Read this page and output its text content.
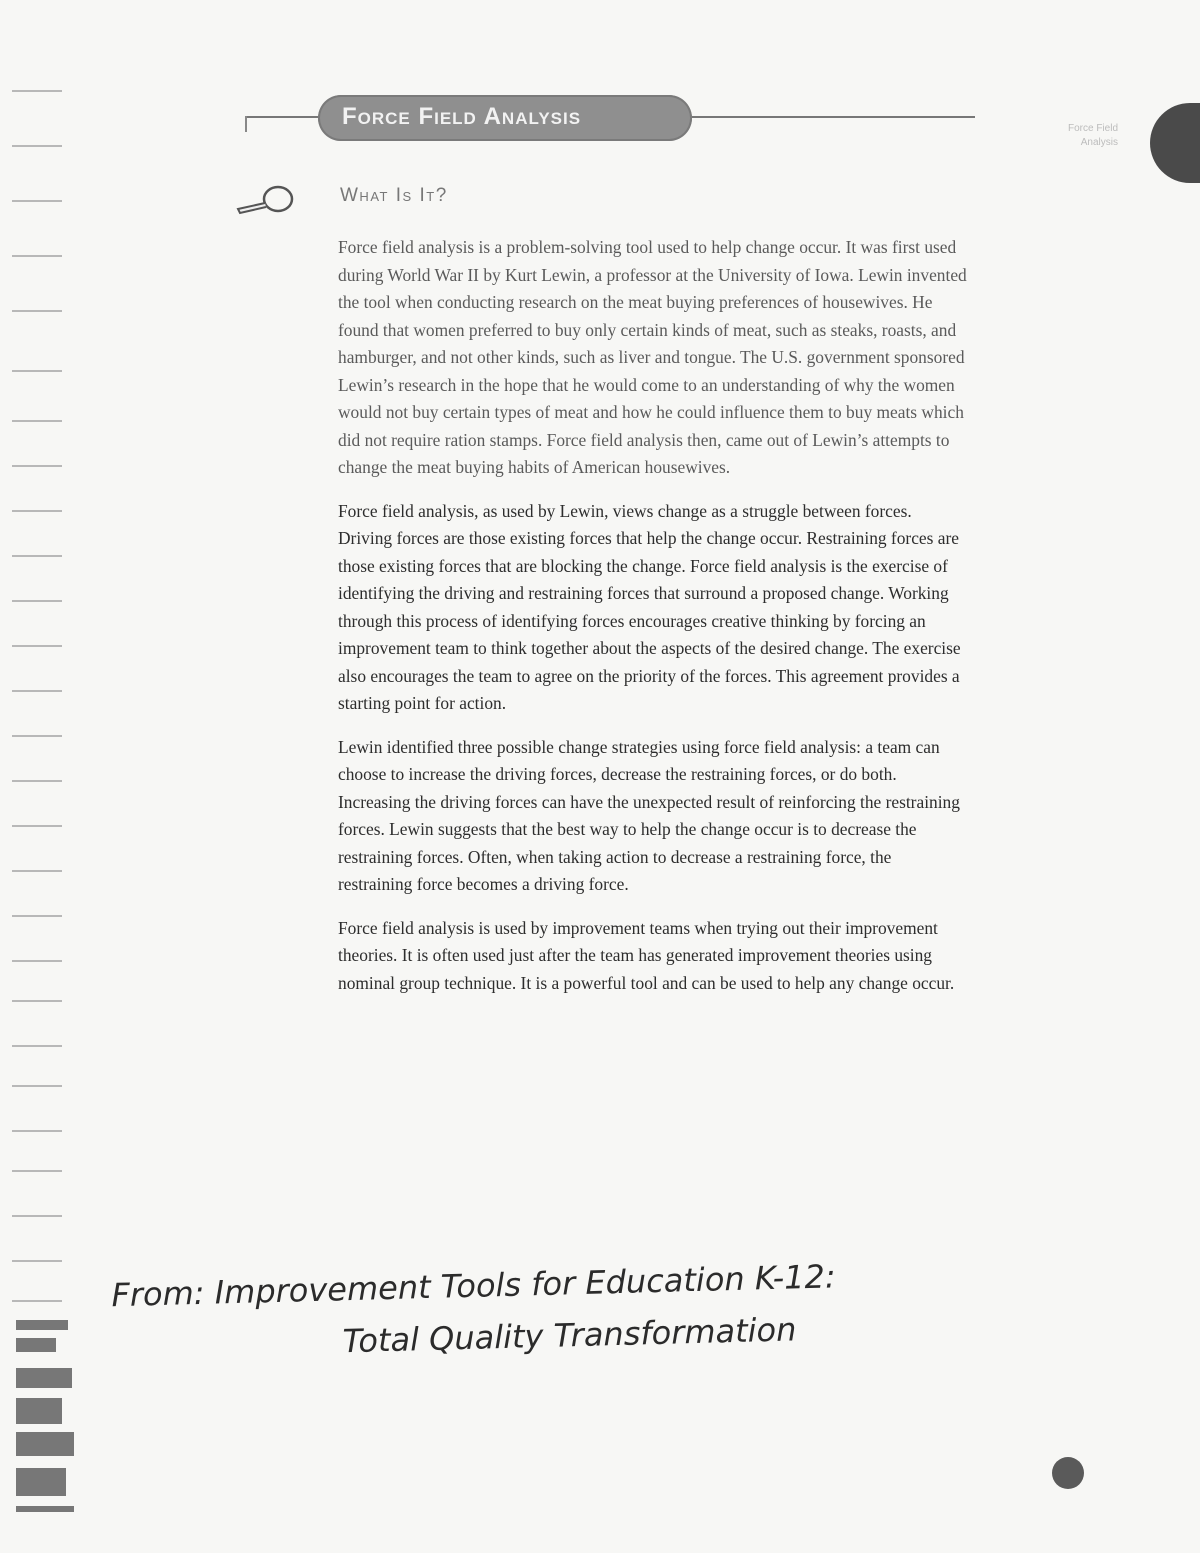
Force Field Analysis	Force Field Analysis
What Is It?

Force field analysis is a problem-solving tool used to help change occur. It was first used during World War II by Kurt Lewin, a professor at the University of Iowa. Lewin invented the tool when conducting research on the meat buying preferences of housewives. He found that women preferred to buy only certain kinds of meat, such as steaks, roasts, and hamburger, and not other kinds, such as liver and tongue. The U.S. government sponsored Lewin’s research in the hope that he would come to an understanding of why the women would not buy certain types of meat and how he could influence them to buy meats which did not require ration stamps. Force field analysis then, came out of Lewin’s attempts to change the meat buying habits of American housewives.

Force field analysis, as used by Lewin, views change as a struggle between forces. Driving forces are those existing forces that help the change occur. Restraining forces are those existing forces that are blocking the change. Force field analysis is the exercise of identifying the driving and restraining forces that surround a proposed change. Working through this process of identifying forces encourages creative thinking by forcing an improvement team to think together about the aspects of the desired change. The exercise also encourages the team to agree on the priority of the forces. This agreement provides a starting point for action.

Lewin identified three possible change strategies using force field analysis: a team can choose to increase the driving forces, decrease the restraining forces, or do both. Increasing the driving forces can have the unexpected result of reinforcing the restraining forces. Lewin suggests that the best way to help the change occur is to decrease the restraining forces. Often, when taking action to decrease a restraining force, the restraining force becomes a driving force.

Force field analysis is used by improvement teams when trying out their improvement theories. It is often used just after the team has generated improvement theories using nominal group technique. It is a powerful tool and can be used to help any change occur.

From: Improvement Tools for Education K-12:
Total Quality Transformation
